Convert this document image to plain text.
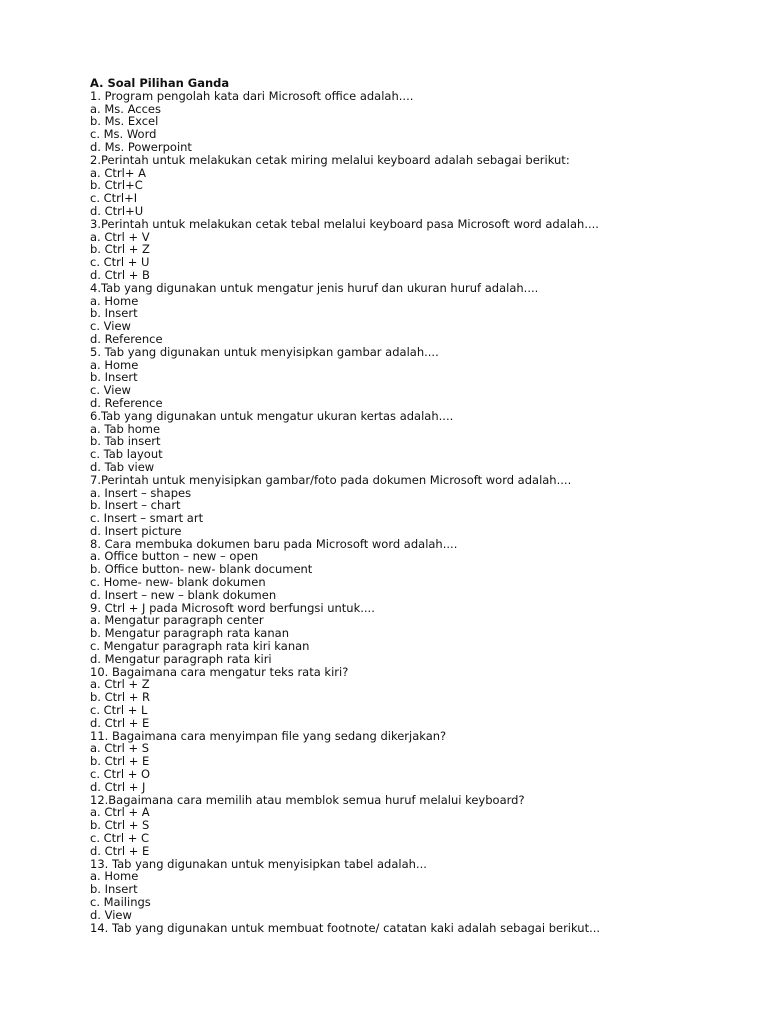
A. Soal Pilihan Ganda
1. Program pengolah kata dari Microsoft office adalah....
a. Ms. Acces
b. Ms. Excel
c. Ms. Word
d. Ms. Powerpoint
2.Perintah untuk melakukan cetak miring melalui keyboard adalah sebagai berikut:
a. Ctrl+ A
b. Ctrl+C
c. Ctrl+I
d. Ctrl+U
3.Perintah untuk melakukan cetak tebal melalui keyboard pasa Microsoft word adalah....
a. Ctrl + V
b. Ctrl + Z
c. Ctrl + U
d. Ctrl + B
4.Tab yang digunakan untuk mengatur jenis huruf dan ukuran huruf adalah....
a. Home
b. Insert
c. View
d. Reference
5. Tab yang digunakan untuk menyisipkan gambar adalah....
a. Home
b. Insert
c. View
d. Reference
6.Tab yang digunakan untuk mengatur ukuran kertas adalah....
a. Tab home
b. Tab insert
c. Tab layout
d. Tab view
7.Perintah untuk menyisipkan gambar/foto pada dokumen Microsoft word adalah....
a. Insert – shapes
b. Insert – chart
c. Insert – smart art
d. Insert picture
8. Cara membuka dokumen baru pada Microsoft word adalah....
a. Office button – new – open
b. Office button- new- blank document
c. Home- new- blank dokumen
d. Insert – new – blank dokumen
9. Ctrl + J pada Microsoft word berfungsi untuk....
a. Mengatur paragraph center
b. Mengatur paragraph rata kanan
c. Mengatur paragraph rata kiri kanan
d. Mengatur paragraph rata kiri
10. Bagaimana cara mengatur teks rata kiri?
a. Ctrl + Z
b. Ctrl + R
c. Ctrl + L
d. Ctrl + E
11. Bagaimana cara menyimpan file yang sedang dikerjakan?
a. Ctrl + S
b. Ctrl + E
c. Ctrl + O
d. Ctrl + J
12.Bagaimana cara memilih atau memblok semua huruf melalui keyboard?
a. Ctrl + A
b. Ctrl + S
c. Ctrl + C
d. Ctrl + E
13. Tab yang digunakan untuk menyisipkan tabel adalah...
a. Home
b. Insert
c. Mailings
d. View
14. Tab yang digunakan untuk membuat footnote/ catatan kaki adalah sebagai berikut...
